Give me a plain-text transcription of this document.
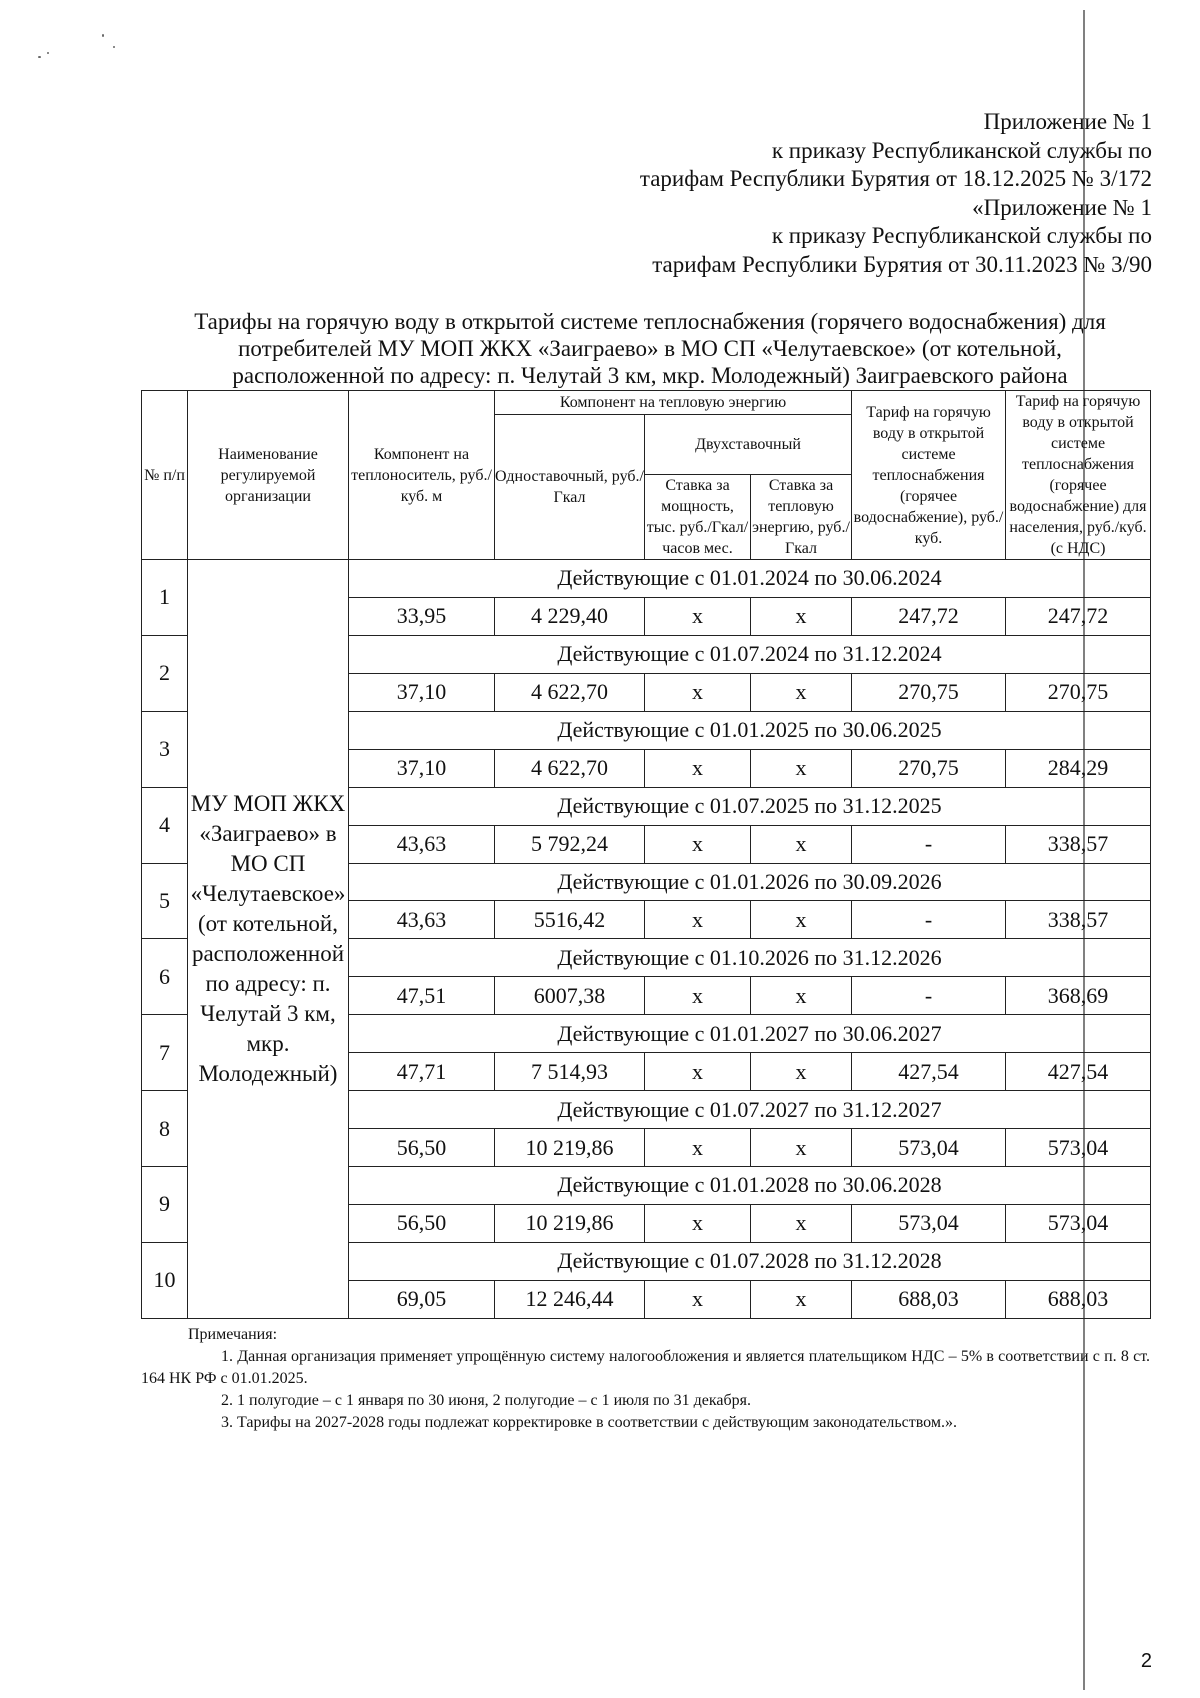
Приложение № 1
к приказу Республиканской службы по
тарифам Республики Бурятия от 18.12.2025 № 3/172
«Приложение № 1
к приказу Республиканской службы по
тарифам Республики Бурятия от 30.11.2023 № 3/90
Тарифы на горячую воду в открытой системе теплоснабжения (горячего водоснабжения) для
потребителей МУ МОП ЖКХ «Заиграево» в МО СП «Челутаевское» (от котельной,
расположенной по адресу: п. Челутай 3 км, мкр. Молодежный) Заиграевского района
№ п/п	Наименование регулируемой организации	Компонент на теплоноситель, руб./куб. м	Компонент на тепловую энергию			Тариф на горячую воду в открытой системе теплоснабжения (горячее водоснабжение), руб./куб.	Тариф на горячую воду в открытой системе теплоснабжения (горячее водоснабжение) для населения, руб./куб. (с НДС)
			Одноставочный, руб./Гкал	Двухставочный			
				Ставка за мощность, тыс. руб./Гкал/ часов мес.	Ставка за тепловую энергию, руб./Гкал		
1	МУ МОП ЖКХ «Заиграево» в МО СП «Челутаевское» (от котельной, расположенной по адресу: п. Челутай 3 км, мкр. Молодежный)	Действующие с 01.01.2024 по 30.06.2024					
		33,95	4 229,40	x	x	247,72	247,72
2		Действующие с 01.07.2024 по 31.12.2024					
		37,10	4 622,70	x	x	270,75	270,75
3		Действующие с 01.01.2025 по 30.06.2025					
		37,10	4 622,70	x	x	270,75	284,29
4		Действующие с 01.07.2025 по 31.12.2025					
		43,63	5 792,24	x	x	-	338,57
5		Действующие с 01.01.2026 по 30.09.2026					
		43,63	5516,42	x	x	-	338,57
6		Действующие с 01.10.2026 по 31.12.2026					
		47,51	6007,38	x	x	-	368,69
7		Действующие с 01.01.2027 по 30.06.2027					
		47,71	7 514,93	x	x	427,54	427,54
8		Действующие с 01.07.2027 по 31.12.2027					
		56,50	10 219,86	x	x	573,04	573,04
9		Действующие с 01.01.2028 по 30.06.2028					
		56,50	10 219,86	x	x	573,04	573,04
10		Действующие с 01.07.2028 по 31.12.2028					
		69,05	12 246,44	x	x	688,03	688,03
Примечания:

1. Данная организация применяет упрощённую систему налогообложения и является плательщиком НДС – 5% в соответствии с п. 8 ст. 164 НК РФ с 01.01.2025.

2. 1 полугодие – с 1 января по 30 июня, 2 полугодие – с 1 июля по 31 декабря.

3. Тарифы на 2027-2028 годы подлежат корректировке в соответствии с действующим законодательством.».

2
